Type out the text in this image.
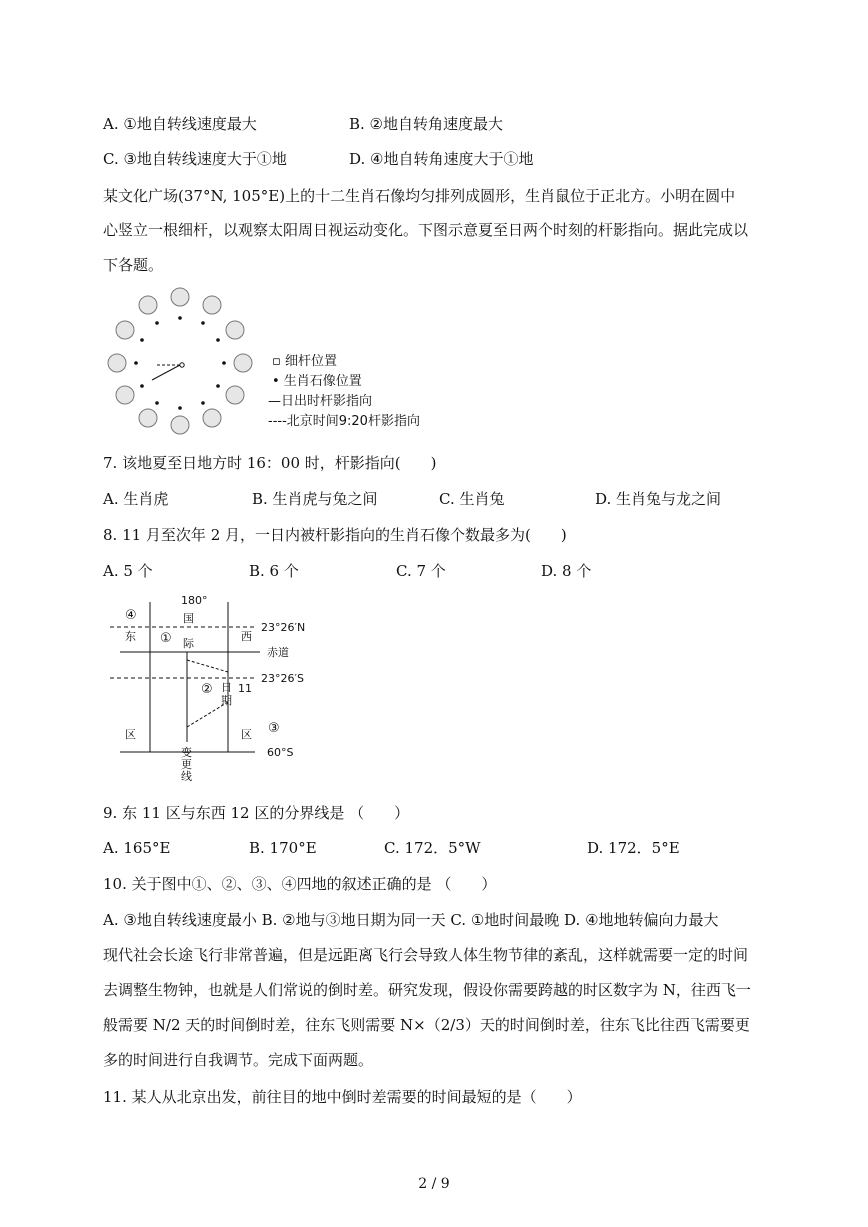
A. ①地自转线速度最大	B. ②地自转角速度最大
C. ③地自转线速度大于①地	D. ④地自转角速度大于①地
某文化广场(37°N, 105°E)上的十二生肖石像均匀排列成圆形，生肖鼠位于正北方。小明在圆中
心竖立一根细杆，以观察太阳周日视运动变化。下图示意夏至日两个时刻的杆影指向。据此完成以
下各题。
▫ 细杆位置
• 生肖石像位置
—日出时杆影指向
----北京时间9:20杆影指向
7. 该地夏至日地方时 16：00 时，杆影指向(　　)
A. 生肖虎	B. 生肖虎与兔之间	C. 生肖兔	D. 生肖兔与龙之间
8. 11 月至次年 2 月，一日内被杆影指向的生肖石像个数最多为(　　)
A. 5 个	B. 6 个	C. 7 个	D. 8 个
180°
国
际
日
期
变
更
线
东
区
西
区
①
②
③
④
11
23°26′N
赤道
23°26′S
60°S
9. 东 11 区与东西 12 区的分界线是 （　　）
A. 165°E	B. 170°E	C. 172．5°W	D. 172．5°E
10. 关于图中①、②、③、④四地的叙述正确的是 （　　）
A. ③地自转线速度最小 B. ②地与③地日期为同一天 C. ①地时间最晚 D. ④地地转偏向力最大
现代社会长途飞行非常普遍，但是远距离飞行会导致人体生物节律的紊乱，这样就需要一定的时间
去调整生物钟，也就是人们常说的倒时差。研究发现，假设你需要跨越的时区数字为 N，往西飞一
般需要 N/2 天的时间倒时差，往东飞则需要 N×（2/3）天的时间倒时差，往东飞比往西飞需要更
多的时间进行自我调节。完成下面两题。
11. 某人从北京出发，前往目的地中倒时差需要的时间最短的是（　　）
2 / 9
